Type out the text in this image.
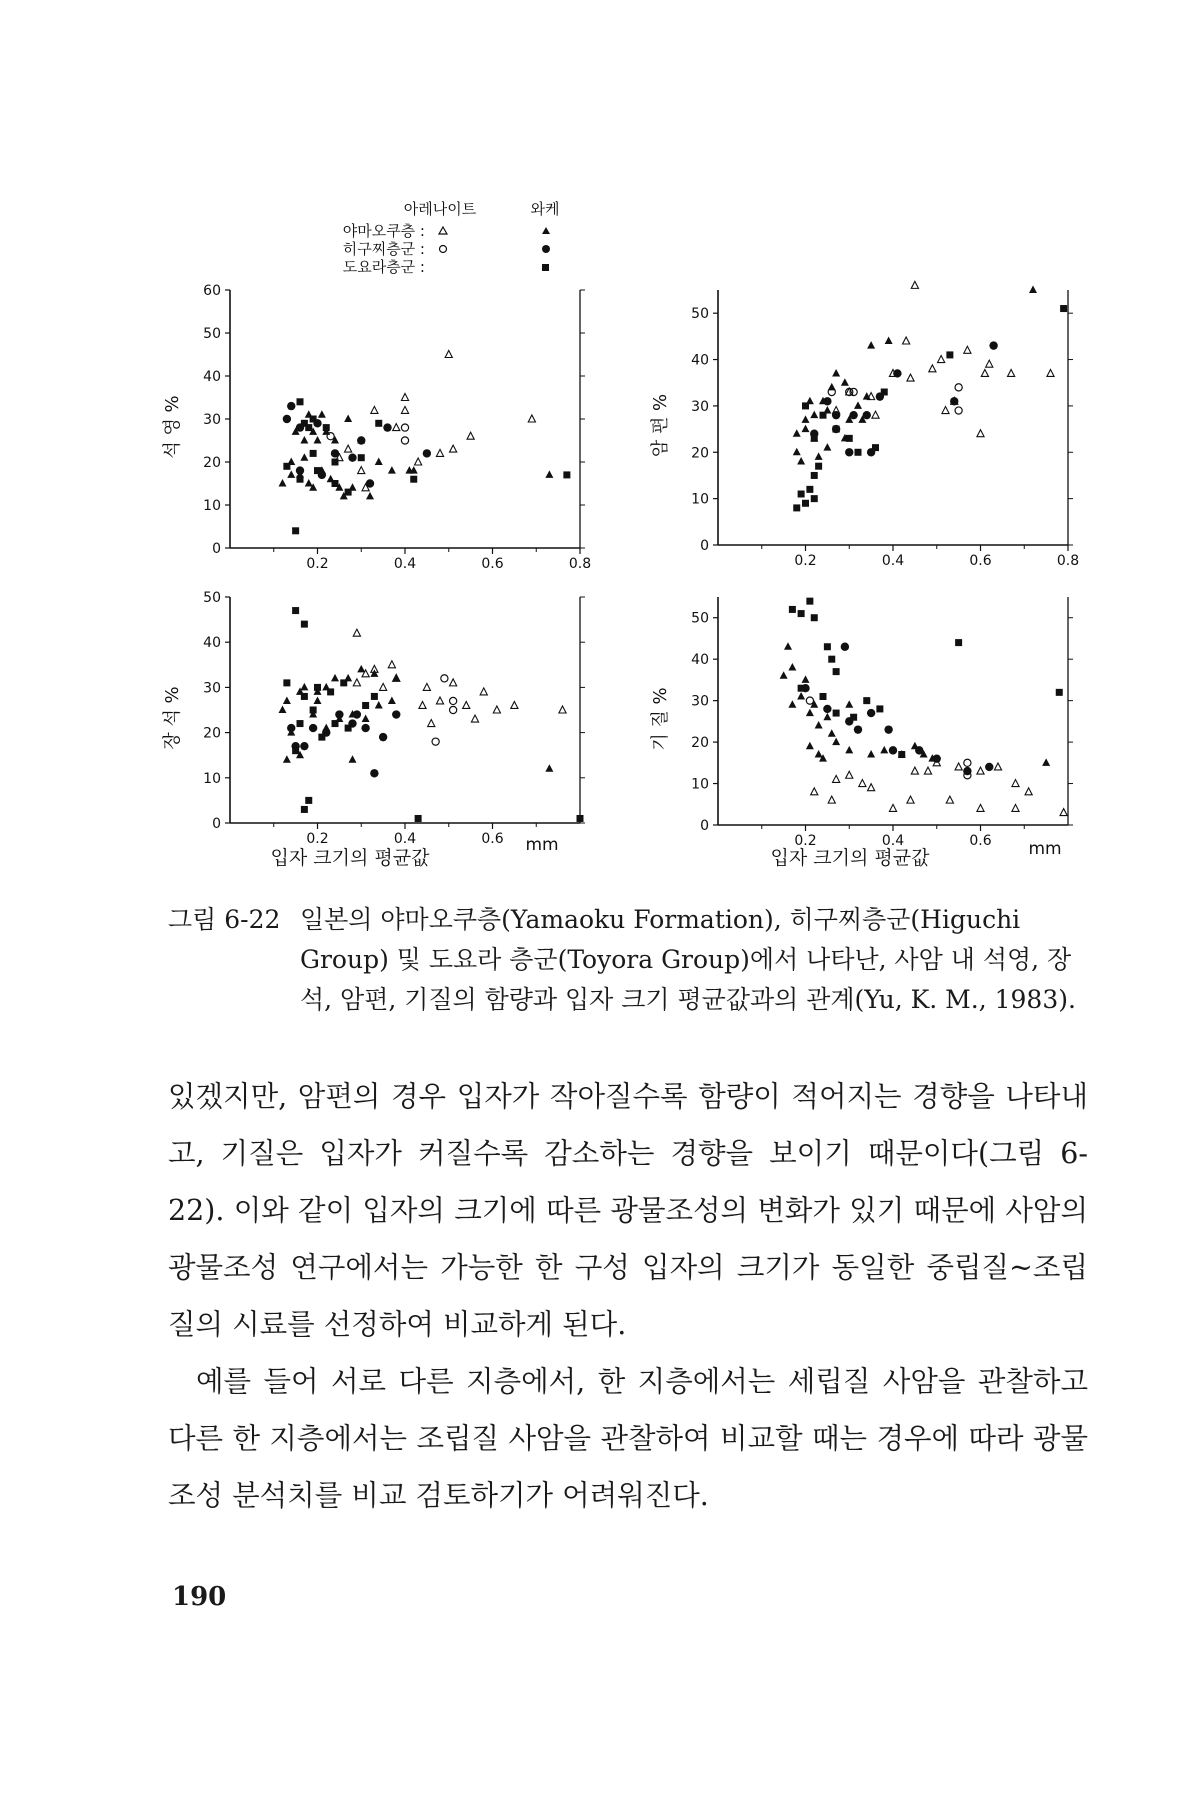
아레나이트	와케
야마오쿠층 :
히구찌층군 :
도요라층군 :
0.2	0.4	0.6	0.8
0
10
20
30
40
50
60
석 영 %
0.2	0.4	0.6	0.8
0
10
20
30
40
50
암 편 %
0.2	0.4	0.6
0
10
20
30
40
50
장 석 %
0.2	0.4	0.6
0
10
20
30
40
50
기 질 %
입자 크기의 평균값
mm
입자 크기의 평균값	mm
그림 6-22 일본의 야마오쿠층(Yamaoku Formation), 히구찌층군(Higuchi Group) 및 도요라 층군(Toyora Group)에서 나타난, 사암 내 석영, 장석, 암편, 기질의 함량과 입자 크기 평균값과의 관계(Yu, K. M., 1983).

있겠지만, 암편의 경우 입자가 작아질수록 함량이 적어지는 경향을 나타내고, 기질은 입자가 커질수록 감소하는 경향을 보이기 때문이다(그림 6-22). 이와 같이 입자의 크기에 따른 광물조성의 변화가 있기 때문에 사암의 광물조성 연구에서는 가능한 한 구성 입자의 크기가 동일한 중립질~조립질의 시료를 선정하여 비교하게 된다.

예를 들어 서로 다른 지층에서, 한 지층에서는 세립질 사암을 관찰하고 다른 한 지층에서는 조립질 사암을 관찰하여 비교할 때는 경우에 따라 광물조성 분석치를 비교 검토하기가 어려워진다.

190
